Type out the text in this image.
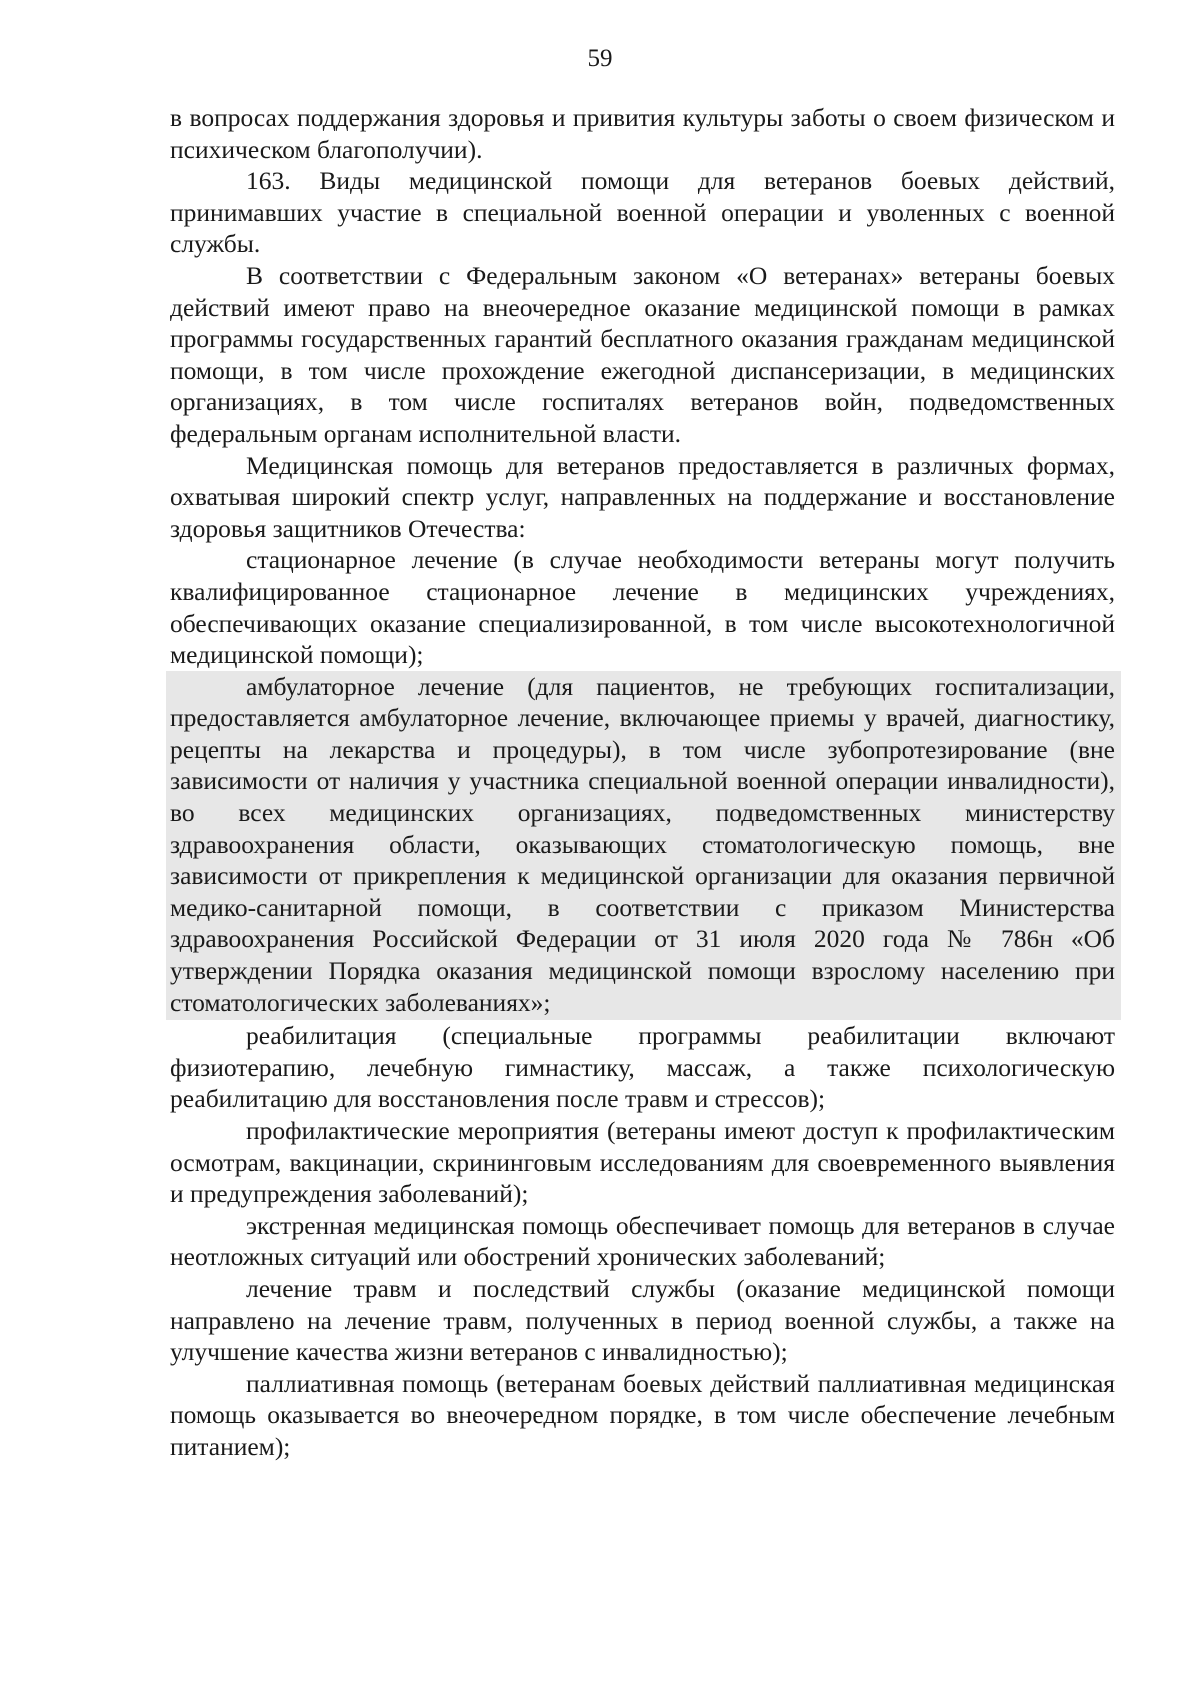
59

в вопросах поддержания здоровья и привития культуры заботы о своем физическом и психическом благополучии).

163. Виды медицинской помощи для ветеранов боевых действий, принимавших участие в специальной военной операции и уволенных с военной службы.

В соответствии с Федеральным законом «О ветеранах» ветераны боевых действий имеют право на внеочередное оказание медицинской помощи в рамках программы государственных гарантий бесплатного оказания гражданам медицинской помощи, в том числе прохождение ежегодной диспансеризации, в медицинских организациях, в том числе госпиталях ветеранов войн, подведомственных федеральным органам исполнительной власти.

Медицинская помощь для ветеранов предоставляется в различных формах, охватывая широкий спектр услуг, направленных на поддержание и восстановление здоровья защитников Отечества:

стационарное лечение (в случае необходимости ветераны могут получить квалифицированное стационарное лечение в медицинских учреждениях, обеспечивающих оказание специализированной, в том числе высокотехнологичной медицинской помощи);

амбулаторное лечение (для пациентов, не требующих госпитализации, предоставляется амбулаторное лечение, включающее приемы у врачей, диагностику, рецепты на лекарства и процедуры), в том числе зубопротезирование (вне зависимости от наличия у участника специальной военной операции инвалидности), во всех медицинских организациях, подведомственных министерству здравоохранения области, оказывающих стоматологическую помощь, вне зависимости от прикрепления к медицинской организации для оказания первичной медико-санитарной помощи, в соответствии с приказом Министерства здравоохранения Российской Федерации от 31 июля 2020 года № 786н «Об утверждении Порядка оказания медицинской помощи взрослому населению при стоматологических заболеваниях»;

реабилитация (специальные программы реабилитации включают физиотерапию, лечебную гимнастику, массаж, а также психологическую реабилитацию для восстановления после травм и стрессов);

профилактические мероприятия (ветераны имеют доступ к профилактическим осмотрам, вакцинации, скрининговым исследованиям для своевременного выявления и предупреждения заболеваний);

экстренная медицинская помощь обеспечивает помощь для ветеранов в случае неотложных ситуаций или обострений хронических заболеваний;

лечение травм и последствий службы (оказание медицинской помощи направлено на лечение травм, полученных в период военной службы, а также на улучшение качества жизни ветеранов с инвалидностью);

паллиативная помощь (ветеранам боевых действий паллиативная медицинская помощь оказывается во внеочередном порядке, в том числе обеспечение лечебным питанием);
